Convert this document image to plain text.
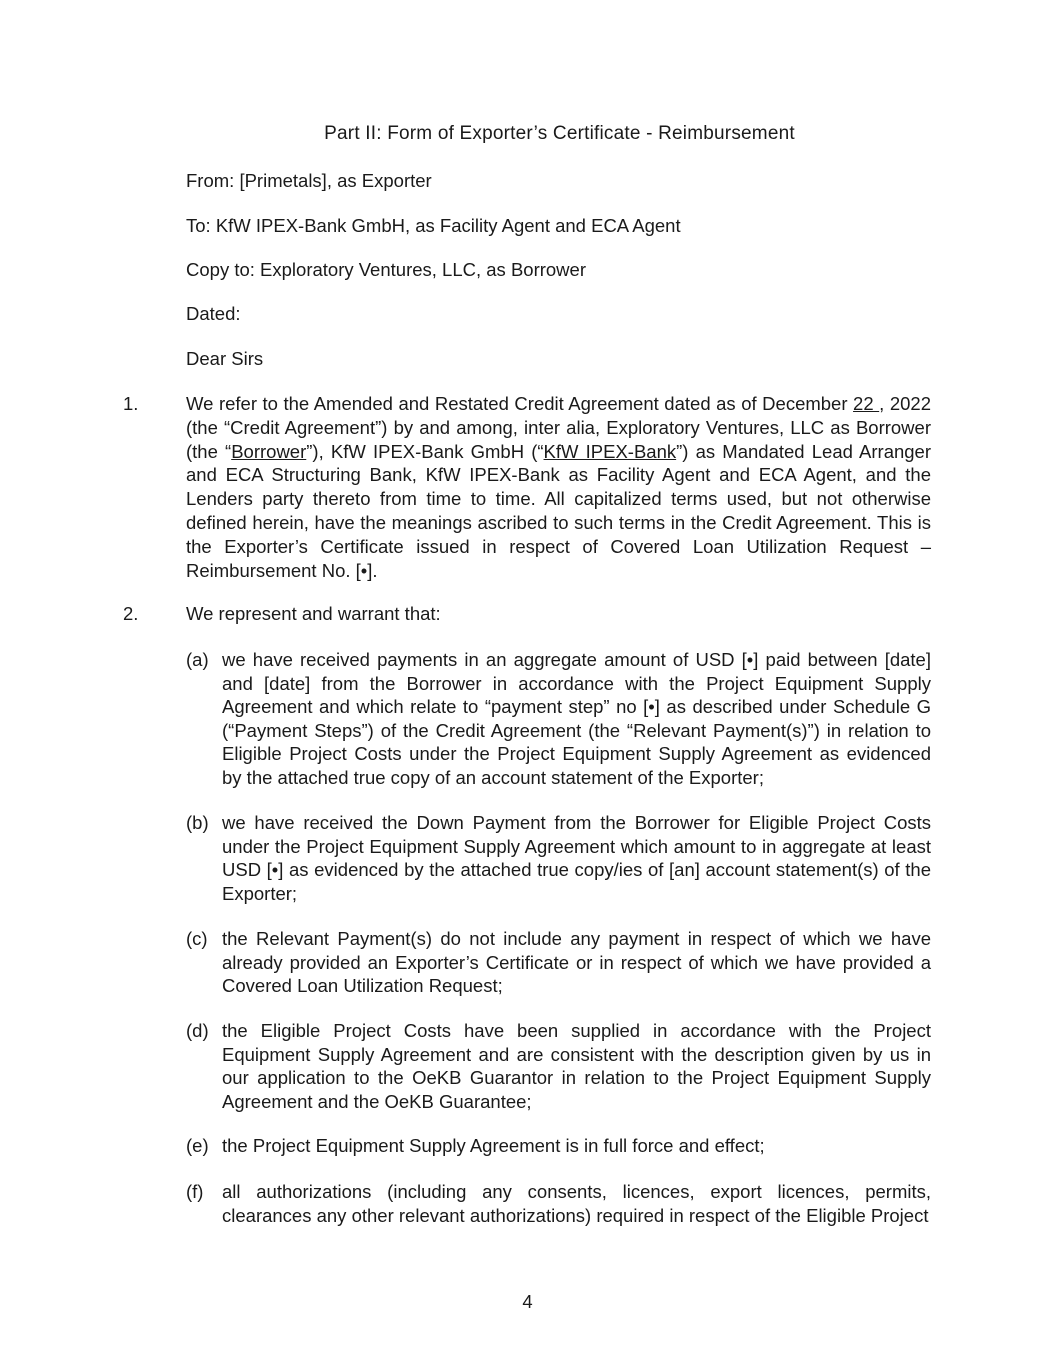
Part II: Form of Exporter’s Certificate - Reimbursement
From: [Primetals], as Exporter
To: KfW IPEX-Bank GmbH, as Facility Agent and ECA Agent
Copy to: Exploratory Ventures, LLC, as Borrower
Dated:
Dear Sirs
1.	We refer to the Amended and Restated Credit Agreement dated as of December 22 , 2022 (the “Credit Agreement”) by and among, inter alia, Exploratory Ventures, LLC as Borrower (the “Borrower”), KfW IPEX-Bank GmbH (“KfW IPEX-Bank”) as Mandated Lead Arranger and ECA Structuring Bank, KfW IPEX-Bank as Facility Agent and ECA Agent, and the Lenders party thereto from time to time. All capitalized terms used, but not otherwise defined herein, have the meanings ascribed to such terms in the Credit Agreement. This is the Exporter’s Certificate issued in respect of Covered Loan Utilization Request – Reimbursement No. [•].
2.	We represent and warrant that:
(a) we have received payments in an aggregate amount of USD [•] paid between [date] and [date] from the Borrower in accordance with the Project Equipment Supply Agreement and which relate to “payment step” no [•] as described under Schedule G (“Payment Steps”) of the Credit Agreement (the “Relevant Payment(s)”) in relation to Eligible Project Costs under the Project Equipment Supply Agreement as evidenced by the attached true copy of an account statement of the Exporter;
(b) we have received the Down Payment from the Borrower for Eligible Project Costs under the Project Equipment Supply Agreement which amount to in aggregate at least USD [•] as evidenced by the attached true copy/ies of [an] account statement(s) of the Exporter;
(c) the Relevant Payment(s) do not include any payment in respect of which we have already provided an Exporter’s Certificate or in respect of which we have provided a Covered Loan Utilization Request;
(d) the Eligible Project Costs have been supplied in accordance with the Project Equipment Supply Agreement and are consistent with the description given by us in our application to the OeKB Guarantor in relation to the Project Equipment Supply Agreement and the OeKB Guarantee;
(e) the Project Equipment Supply Agreement is in full force and effect;
(f) all authorizations (including any consents, licences, export licences, permits, clearances any other relevant authorizations) required in respect of the Eligible Project
4
